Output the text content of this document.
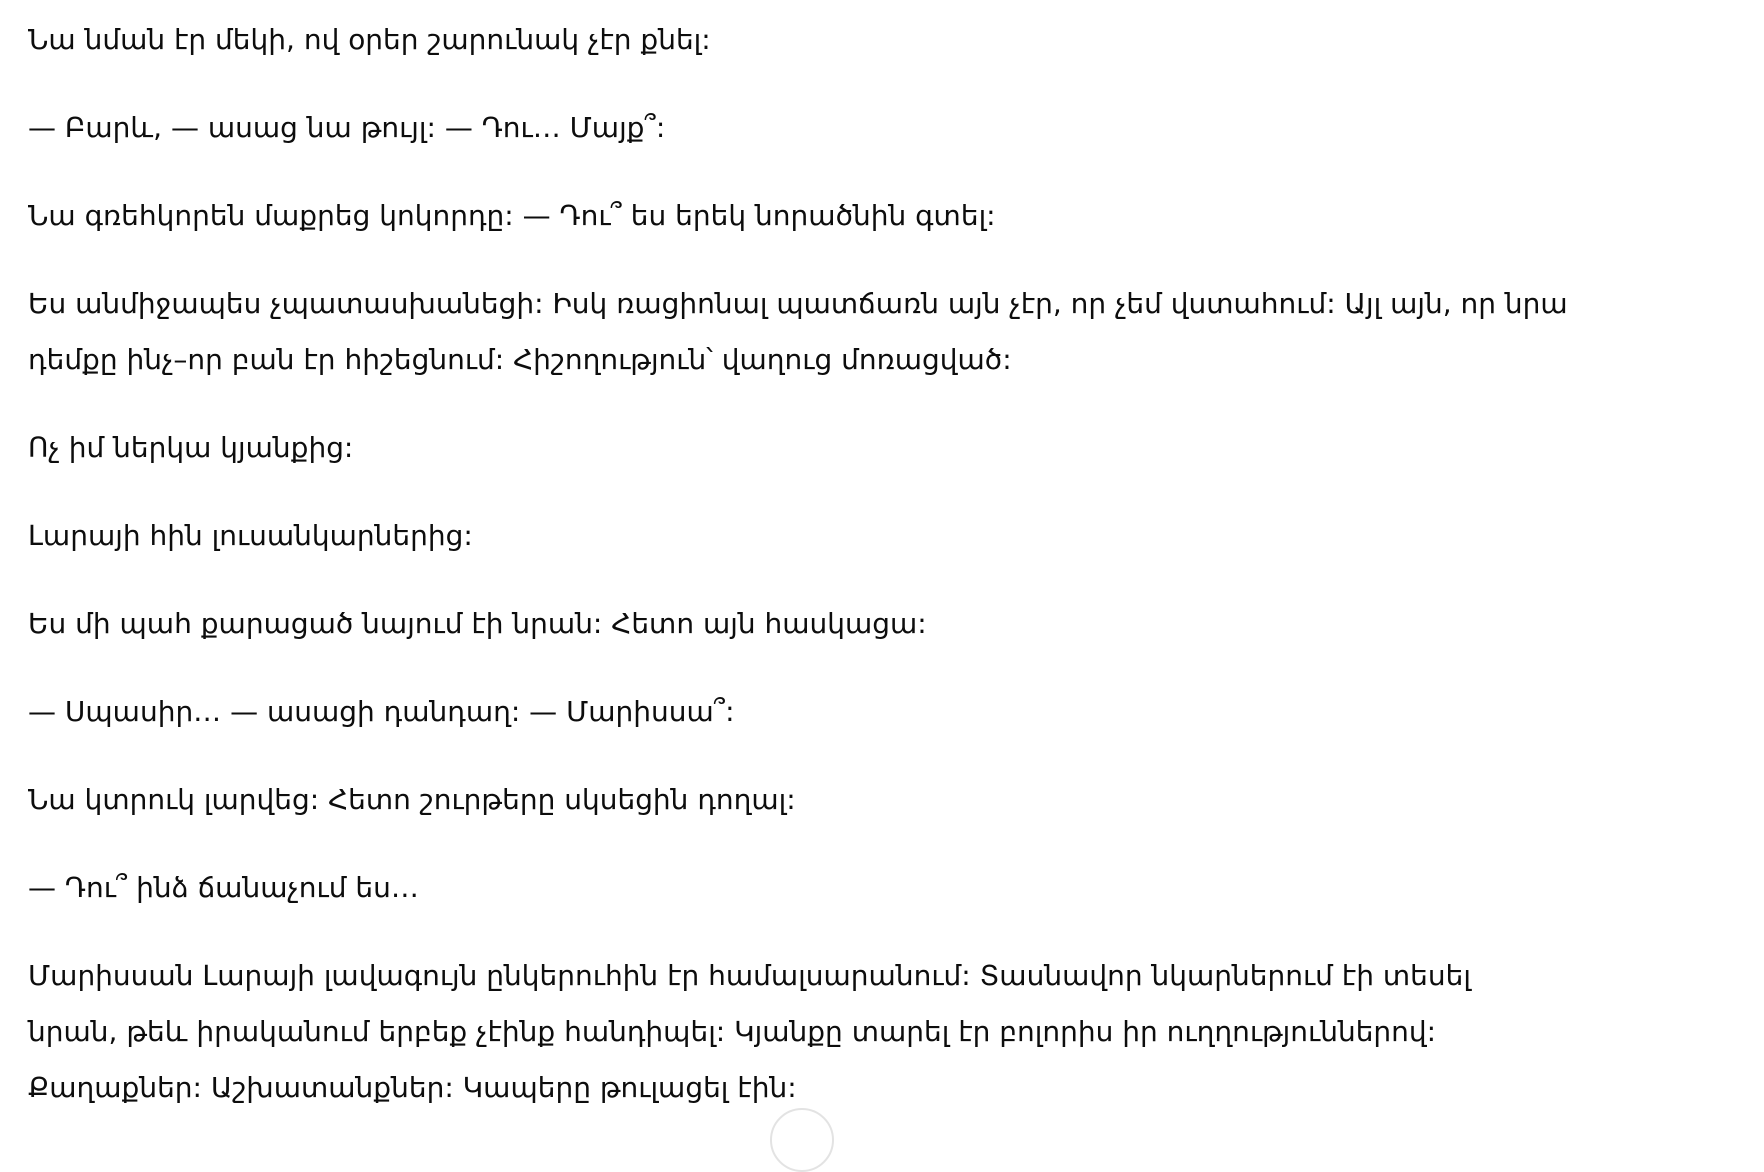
Նա նման էր մեկի, ով օրեր շարունակ չէր քնել:

— Բարև, — ասաց նա թույլ: — Դու… Մայք՞:

Նա գռեհկորեն մաքրեց կոկորդը: — Դու՞ ես երեկ նորածնին գտել:

Ես անմիջապես չպատասխանեցի: Իսկ ռացիոնալ պատճառն այն չէր, որ չեմ վստահում: Այլ այն, որ նրա դեմքը ինչ–որ բան էր հիշեցնում: Հիշողություն՝ վաղուց մոռացված:

Ոչ իմ ներկա կյանքից:

Լարայի հին լուսանկարներից:

Ես մի պահ քարացած նայում էի նրան: Հետո այն հասկացա:

— Սպասիր… — ասացի դանդաղ: — Մարիսսա՞:

Նա կտրուկ լարվեց: Հետո շուրթերը սկսեցին դողալ:

— Դու՞ ինձ ճանաչում ես…

Մարիսսան Լարայի լավագույն ընկերուհին էր համալսարանում: Տասնավոր նկարներում էի տեսել նրան, թեև իրականում երբեք չէինք հանդիպել: Կյանքը տարել էր բոլորիս իր ուղղություններով: Քաղաքներ: Աշխատանքներ: Կապերը թուլացել էին:
